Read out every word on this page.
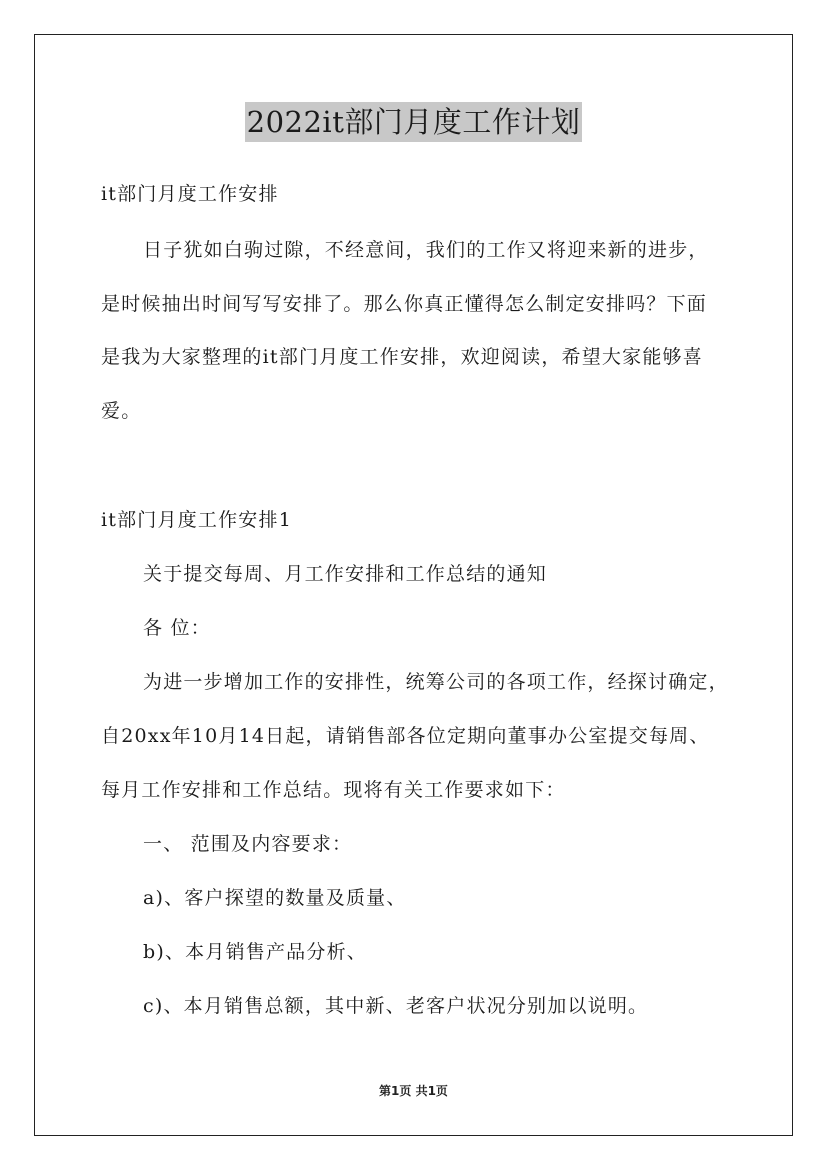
2022it部门月度工作计划
it部门月度工作安排
日子犹如白驹过隙，不经意间，我们的工作又将迎来新的进步，
是时候抽出时间写写安排了。那么你真正懂得怎么制定安排吗？下面
是我为大家整理的it部门月度工作安排，欢迎阅读，希望大家能够喜
爱。
it部门月度工作安排1
关于提交每周、月工作安排和工作总结的通知
各 位：
为进一步增加工作的安排性，统筹公司的各项工作，经探讨确定，
自20xx年10月14日起，请销售部各位定期向董事办公室提交每周、
每月工作安排和工作总结。现将有关工作要求如下：
一、 范围及内容要求：
a)、客户探望的数量及质量、
b)、本月销售产品分析、
c)、本月销售总额，其中新、老客户状况分别加以说明。
第1页 共1页
